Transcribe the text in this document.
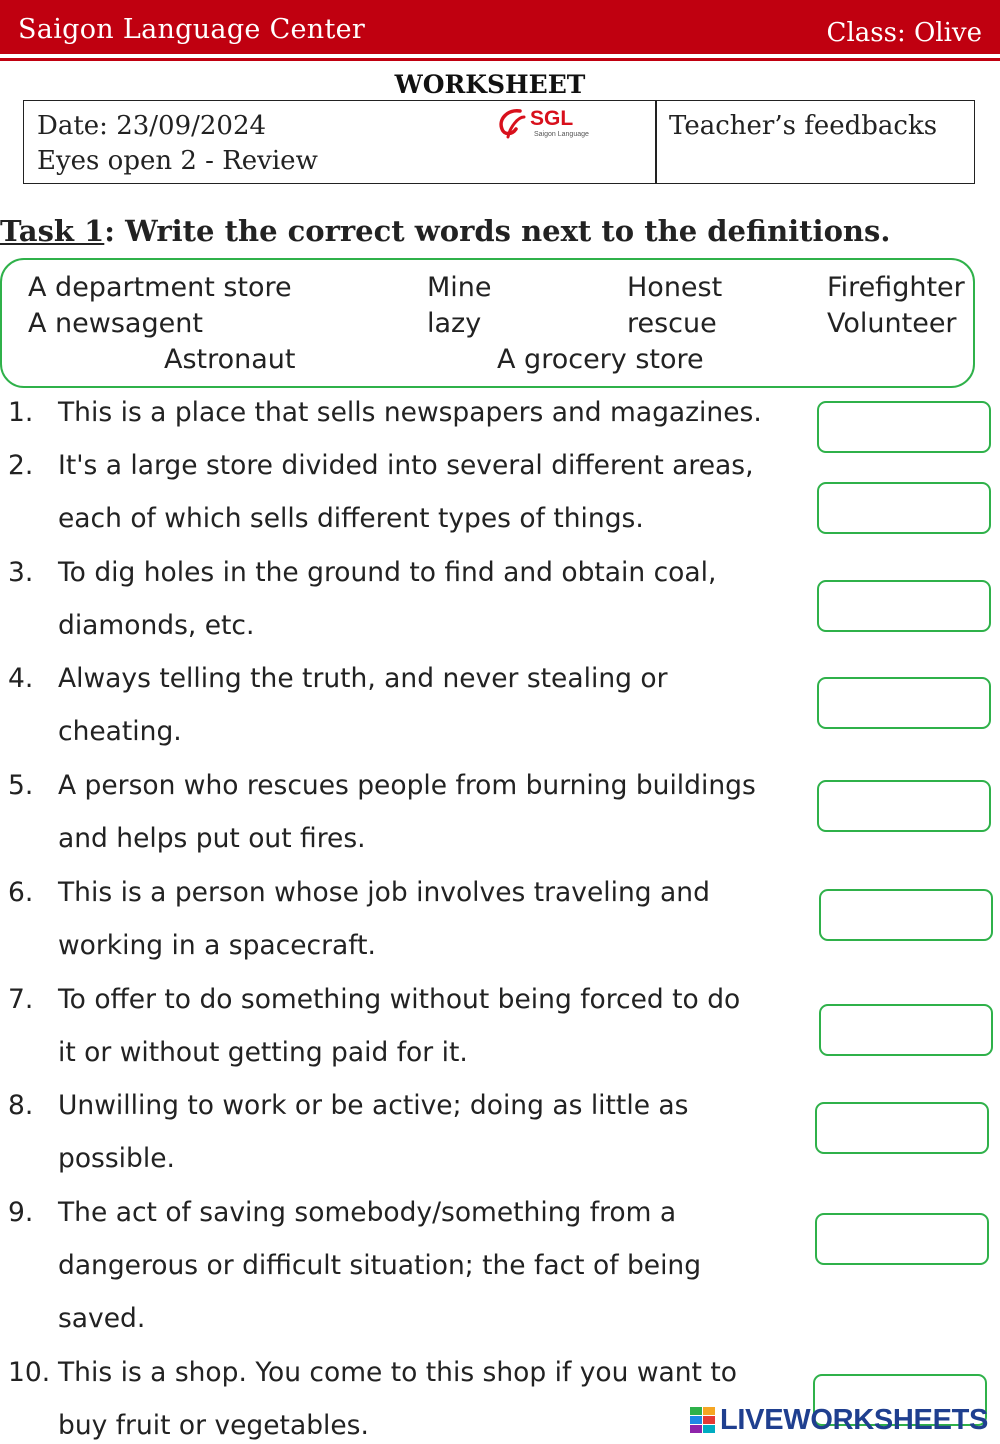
Saigon Language Center	Class: Olive
WORKSHEET
Date: 23/09/2024
Eyes open 2 - Review
SGL
Saigon Language	Teacher’s feedbacks
Task 1: Write the correct words next to the definitions.
A department store	Mine	Honest	Firefighter
A newsagent	lazy	rescue	Volunteer
Astronaut	A grocery store
1. This is a place that sells newspapers and magazines.
2. It's a large store divided into several different areas,
each of which sells different types of things.
3. To dig holes in the ground to find and obtain coal,
diamonds, etc.
4. Always telling the truth, and never stealing or
cheating.
5. A person who rescues people from burning buildings
and helps put out fires.
6. This is a person whose job involves traveling and
working in a spacecraft.
7. To offer to do something without being forced to do
it or without getting paid for it.
8. Unwilling to work or be active; doing as little as
possible.
9. The act of saving somebody/something from a
dangerous or difficult situation; the fact of being
saved.
10. This is a shop. You come to this shop if you want to
buy fruit or vegetables.	LIVEWORKSHEETS
